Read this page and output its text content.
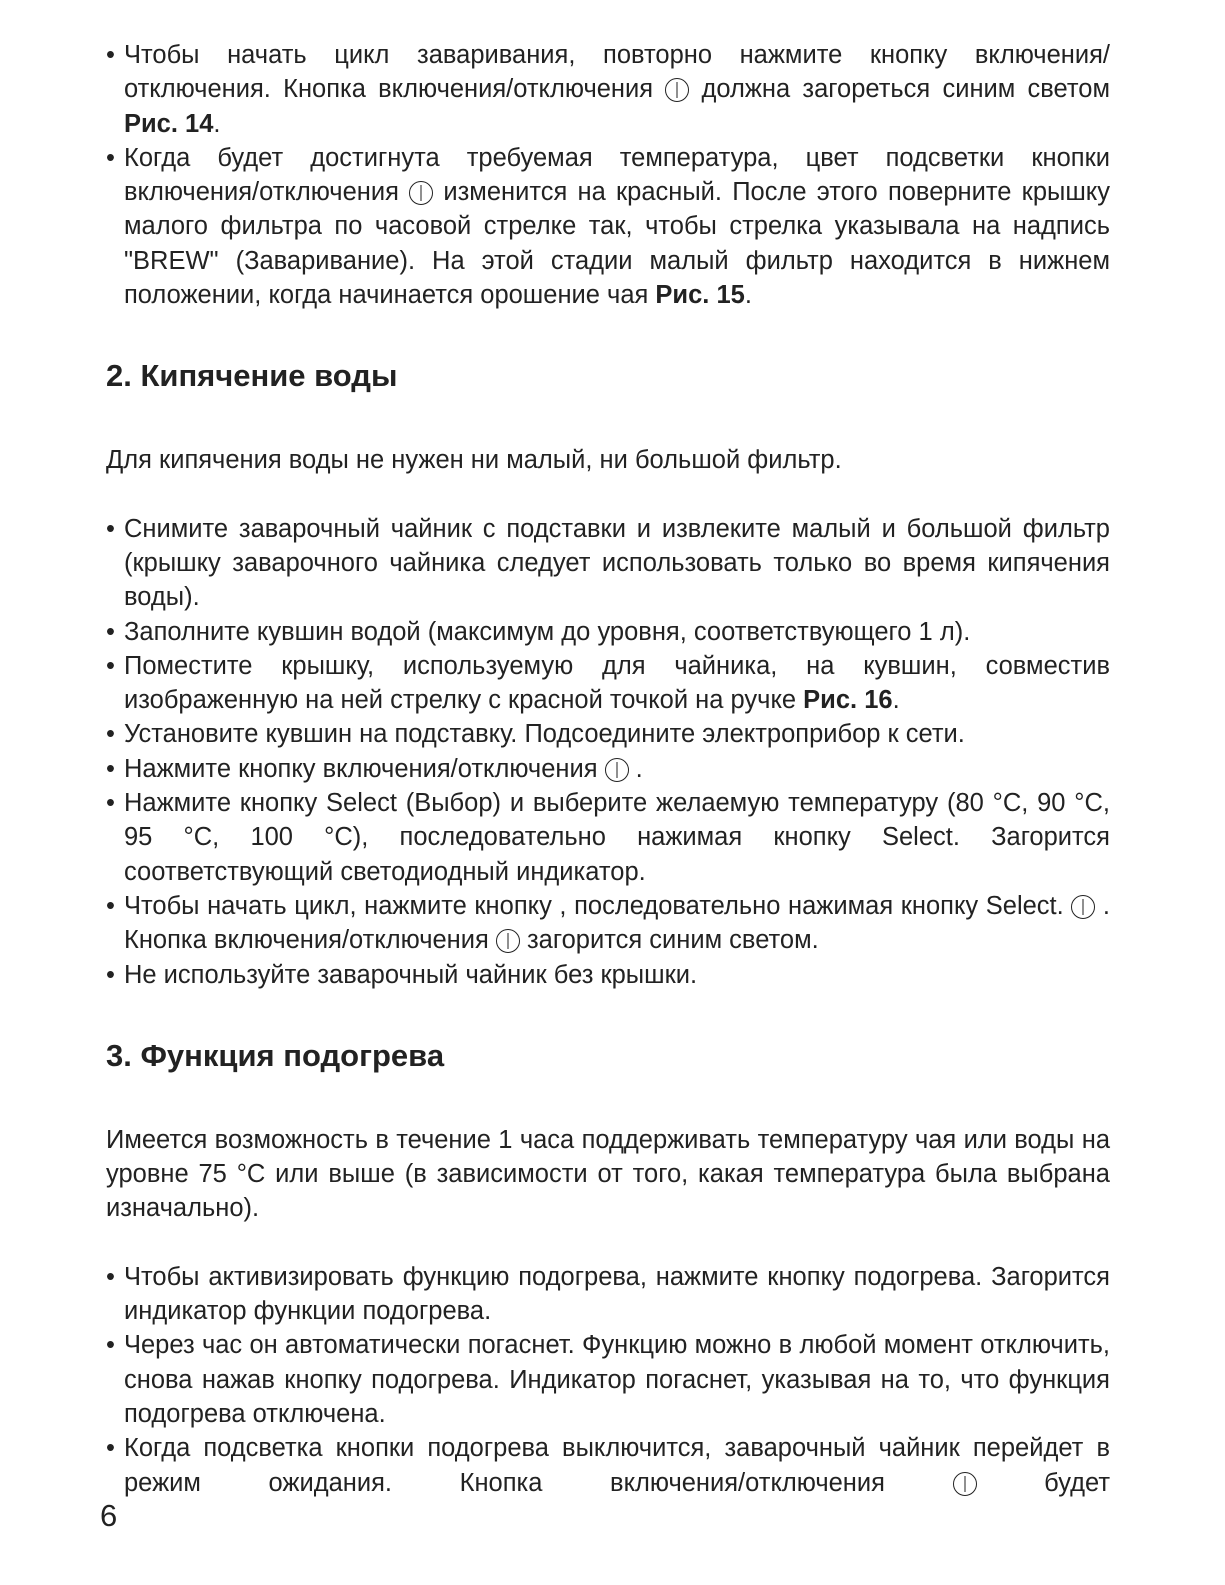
• Чтобы начать цикл заваривания, повторно нажмите кнопку включения/отключения. Кнопка включения/отключения  должна загореться синим светом Рис. 14.

• Когда будет достигнута требуемая температура, цвет подсветки кнопки включения/отключения  изменится на красный. После этого поверните крышку малого фильтра по часовой стрелке так, чтобы стрелка указывала на надпись "BREW" (Заваривание). На этой стадии малый фильтр находится в нижнем положении, когда начинается орошение чая Рис. 15.

2. Кипячение воды

Для кипячения воды не нужен ни малый, ни большой фильтр.

• Снимите заварочный чайник с подставки и извлеките малый и большой фильтр (крышку заварочного чайника следует использовать только во время кипячения воды).

• Заполните кувшин водой (максимум до уровня, соответствующего 1 л).

• Поместите крышку, используемую для чайника, на кувшин, совместив изображенную на ней стрелку с красной точкой на ручке Рис. 16.

• Установите кувшин на подставку. Подсоедините электроприбор к сети.

• Нажмите кнопку включения/отключения  .

• Нажмите кнопку Select (Выбор) и выберите желаемую температуру (80 °C, 90 °C, 95 °C, 100 °C), последовательно нажимая кнопку Select. Загорится соответствующий светодиодный индикатор.

• Чтобы начать цикл, нажмите кнопку , последовательно нажимая кнопку Select.  . Кнопка включения/отключения  загорится синим светом.

• Не используйте заварочный чайник без крышки.

3. Функция подогрева

Имеется возможность в течение 1 часа поддерживать температуру чая или воды на уровне 75 °C или выше (в зависимости от того, какая температура была выбрана изначально).

• Чтобы активизировать функцию подогрева, нажмите кнопку подогрева. Загорится индикатор функции подогрева.

• Через час он автоматически погаснет. Функцию можно в любой момент отключить, снова нажав кнопку подогрева. Индикатор погаснет, указывая на то, что функция подогрева отключена.

• Когда подсветка кнопки подогрева выключится, заварочный чайник перейдет в режим ожидания. Кнопка включения/отключения  будет

6
